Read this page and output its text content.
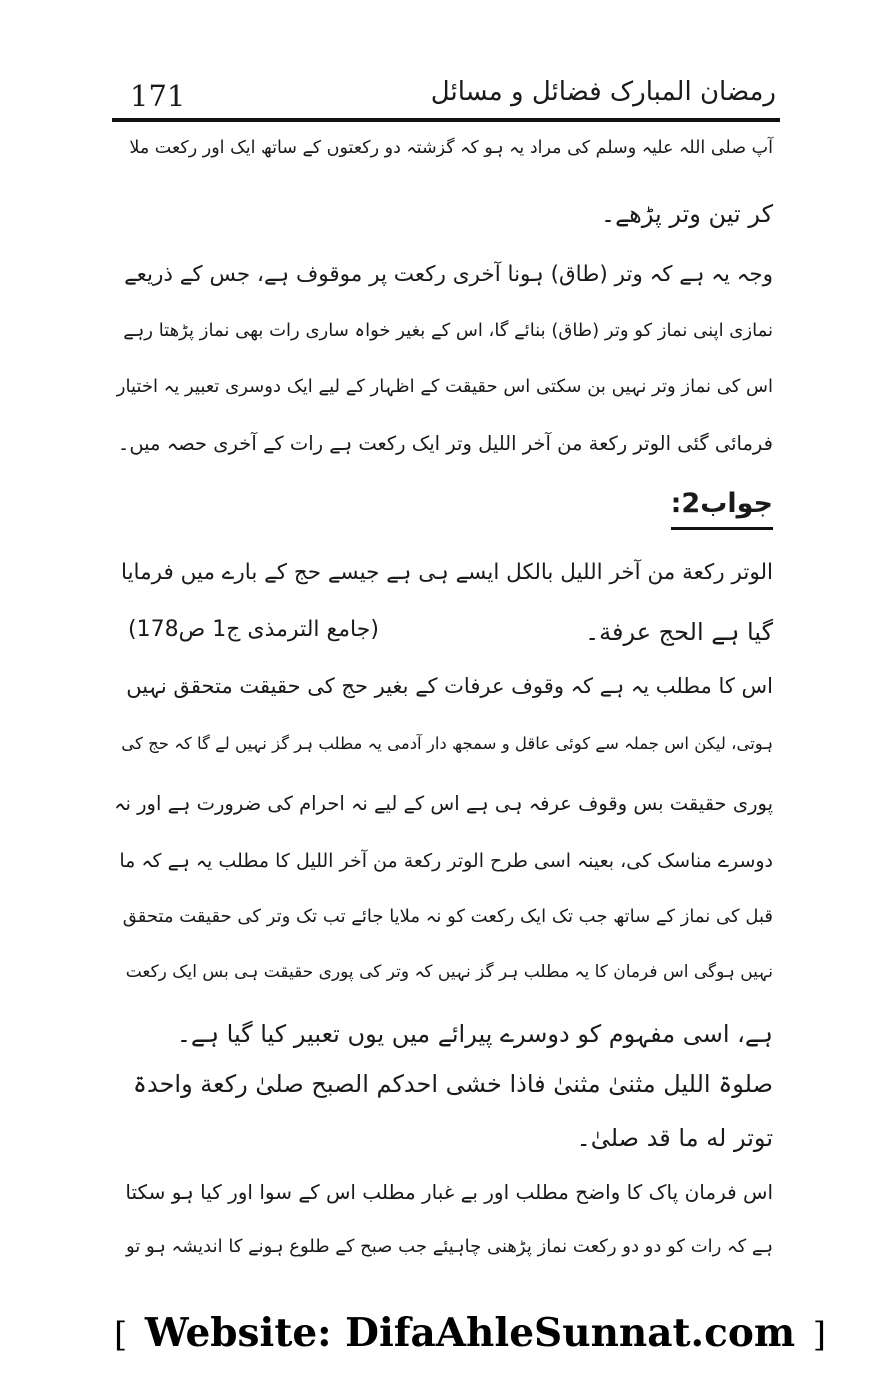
171	رمضان المبارک فضائل و مسائل
آپ صلی اللہ علیہ وسلم کی مراد یہ ہو کہ گزشتہ دو رکعتوں کے ساتھ ایک اور رکعت ملا
کر تین وتر پڑھے۔
وجہ یہ ہے کہ وتر (طاق) ہونا آخری رکعت پر موقوف ہے، جس کے ذریعے
نمازی اپنی نماز کو وتر (طاق) بنائے گا، اس کے بغیر خواہ ساری رات بھی نماز پڑھتا رہے
اس کی نماز وتر نہیں بن سکتی اس حقیقت کے اظہار کے لیے ایک دوسری تعبیر یہ اختیار
فرمائی گئی الوتر رکعة من آخر اللیل وتر ایک رکعت ہے رات کے آخری حصہ میں۔
جواب2:
الوتر رکعة من آخر اللیل بالکل ایسے ہی ہے جیسے حج کے بارے میں فرمایا
گیا ہے الحج عرفة۔
(جامع الترمذی ج1 ص178)
اس کا مطلب یہ ہے کہ وقوف عرفات کے بغیر حج کی حقیقت متحقق نہیں
ہوتی، لیکن اس جملہ سے کوئی عاقل و سمجھ دار آدمی یہ مطلب ہر گز نہیں لے گا کہ حج کی
پوری حقیقت بس وقوف عرفہ ہی ہے اس کے لیے نہ احرام کی ضرورت ہے اور نہ
دوسرے مناسک کی، بعینہ اسی طرح الوتر رکعة من آخر اللیل کا مطلب یہ ہے کہ ما
قبل کی نماز کے ساتھ جب تک ایک رکعت کو نہ ملایا جائے تب تک وتر کی حقیقت متحقق
نہیں ہوگی اس فرمان کا یہ مطلب ہر گز نہیں کہ وتر کی پوری حقیقت ہی بس ایک رکعت
ہے، اسی مفہوم کو دوسرے پیرائے میں یوں تعبیر کیا گیا ہے۔
صلوۃ اللیل مثنیٰ مثنیٰ فاذا خشی احدکم الصبح صلیٰ رکعة واحدۃ
توتر له ما قد صلیٰ۔
اس فرمان پاک کا واضح مطلب اور بے غبار مطلب اس کے سوا اور کیا ہو سکتا
ہے کہ رات کو دو دو رکعت نماز پڑھنی چاہیئے جب صبح کے طلوع ہونے کا اندیشہ ہو تو
[ Website: DifaAhleSunnat.com ]
